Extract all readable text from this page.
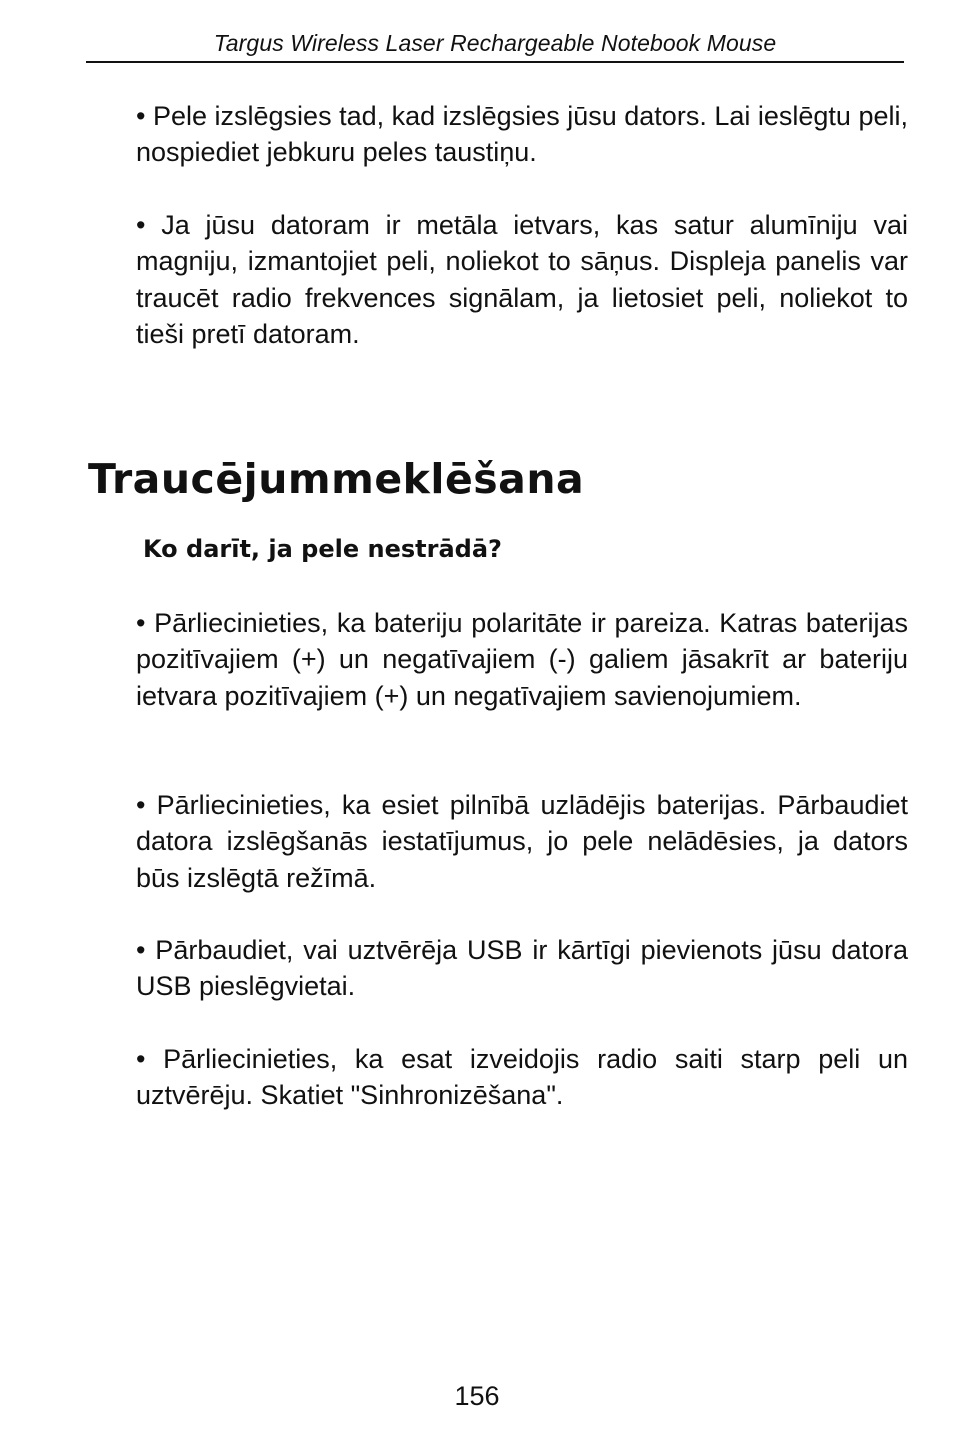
Targus Wireless Laser Rechargeable Notebook Mouse

• Pele izslēgsies tad, kad izslēgsies jūsu dators. Lai ieslēgtu peli, nospiediet jebkuru peles taustiņu.

• Ja jūsu datoram ir metāla ietvars, kas satur alumīniju vai magniju, izmantojiet peli, noliekot to sāņus. Displeja panelis var traucēt radio frekvences signālam, ja lietosiet peli, noliekot to tieši pretī datoram.

Traucējummeklēšana
Ko darīt, ja pele nestrādā?

• Pārliecinieties, ka bateriju polaritāte ir pareiza. Katras baterijas pozitīvajiem (+) un negatīvajiem (-) galiem jāsakrīt ar bateriju ietvara pozitīvajiem (+) un negatīvajiem savienojumiem.

• Pārliecinieties, ka esiet pilnībā uzlādējis baterijas. Pārbaudiet datora izslēgšanās iestatījumus, jo pele nelādēsies, ja dators būs izslēgtā režīmā.

• Pārbaudiet, vai uztvērēja USB ir kārtīgi pievienots jūsu datora USB pieslēgvietai.

• Pārliecinieties, ka esat izveidojis radio saiti starp peli un uztvērēju. Skatiet "Sinhronizēšana".

156
